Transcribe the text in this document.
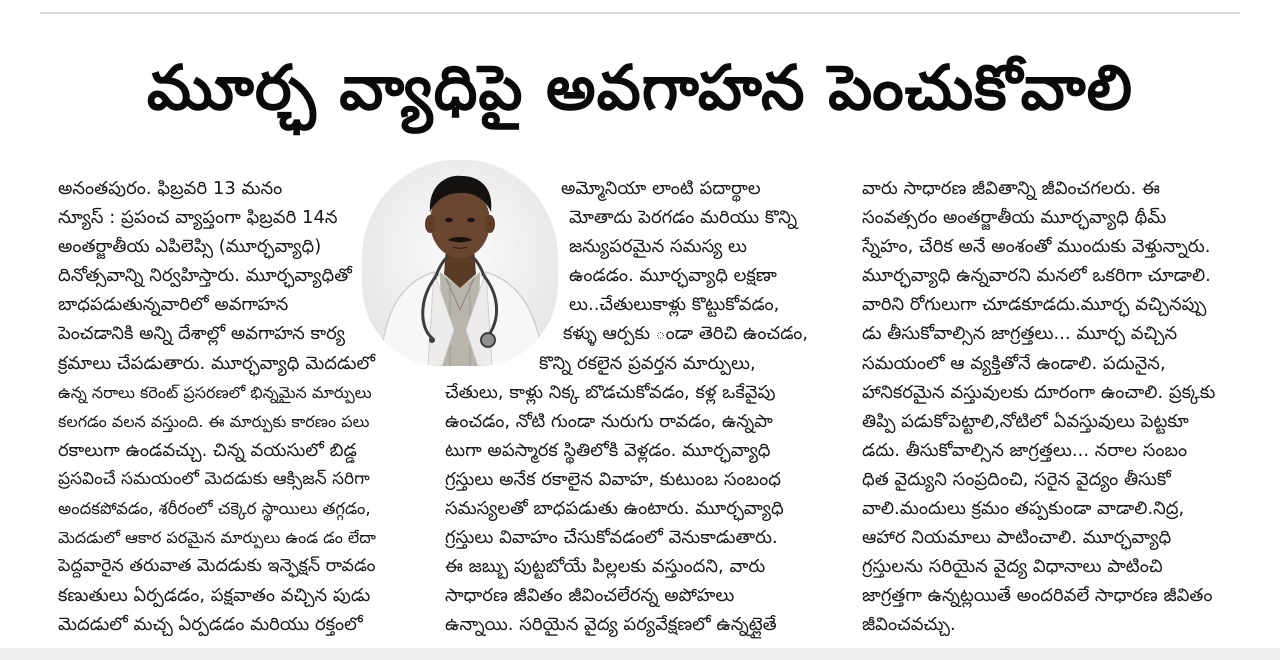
మూర్ఛ వ్యాధిపై అవగాహన పెంచుకోవాలి
అనంతపురం. ఫిబ్రవరి 13 మనం
న్యూస్ : ప్రపంచ వ్యాప్తంగా ఫిబ్రవరి 14న
అంతర్జాతీయ ఎపిలెప్సి (మూర్ఛవ్యాధి)
దినోత్సవాన్ని నిర్వహిస్తారు. మూర్ఛవ్యాధితో
బాధపడుతున్నవారిలో అవగాహన
పెంచడానికి అన్ని దేశాల్లో అవగాహన కార్య
క్రమాలు చేపడుతారు. మూర్ఛవ్యాధి మెదడులో
ఉన్న నరాలు కరెంట్ ప్రసరణలో భిన్నమైన మార్పులు
కలగడం వలన వస్తుంది. ఈ మార్పుకు కారణం పలు
రకాలుగా ఉండవచ్చు. చిన్న వయసులో బిడ్డ
ప్రసవించే సమయంలో మెదడుకు ఆక్సిజన్ సరిగా
అందకపోవడం, శరీరంలో చక్కెర స్థాయిలు తగ్గడం,
మెదడులో ఆకార పరమైన మార్పులు ఉండ డం లేదా
పెద్దవారైన తరువాత మెదడుకు ఇన్ఫెక్షన్ రావడం
కణుతులు ఏర్పడడం, పక్షవాతం వచ్చిన పుడు
మెదడులో మచ్చ ఏర్పడడం మరియు రక్తంలో
అమ్మోనియా లాంటి పదార్థాల
మోతాదు పెరగడం మరియు కొన్ని
జన్యుపరమైన సమస్య లు
ఉండడం. మూర్ఛవ్యాధి లక్షణా
లు..చేతులుకాళ్లు కొట్టుకోవడం,
కళ్ళు ఆర్పకు ండా తెరిచి ఉంచడం,
కొన్ని రకలైన ప్రవర్తన మార్పులు,
చేతులు, కాళ్లు నిక్క బొడచుకోవడం, కళ్ల ఒకేవైపు
ఉంచడం, నోటి గుండా నురుగు రావడం, ఉన్నపా
టుగా అపస్మారక స్థితిలోకి వెళ్లడం. మూర్ఛవ్యాధి
గ్రస్తులు అనేక రకాలైన వివాహ, కుటుంబ సంబంధ
సమస్యలతో బాధపడుతు ఉంటారు. మూర్ఛవ్యాధి
గ్రస్తులు వివాహం చేసుకోవడంలో వెనుకాడుతారు.
ఈ జబ్బు పుట్టబోయే పిల్లలకు వస్తుందని, వారు
సాధారణ జీవితం జీవించలేరన్న అపోహలు
ఉన్నాయి. సరియైన వైద్య పర్యవేక్షణలో ఉన్నట్లైతే
వారు సాధారణ జీవితాన్ని జీవించగలరు. ఈ
సంవత్సరం అంతర్జాతీయ మూర్ఛవ్యాధి థీమ్
స్నేహం, చేరిక అనే అంశంతో ముందుకు వెళ్తున్నారు.
మూర్ఛవ్యాధి ఉన్నవారని మనలో ఒకరిగా చూడాలి.
వారిని రోగులుగా చూడకూడదు.మూర్ఛ వచ్చినప్పు
డు తీసుకోవాల్సిన జాగ్రత్తలు... మూర్ఛ వచ్చిన
సమయంలో ఆ వ్యక్తితోనే ఉండాలి. పదునైన,
హానికరమైన వస్తువులకు దూరంగా ఉంచాలి. ప్రక్కకు
తిప్పి పడుకోపెట్టాలి,నోటిలో ఏవస్తువులు పెట్టకూ
డదు. తీసుకోవాల్సిన జాగ్రత్తలు... నరాల సంబం
ధిత వైద్యుని సంప్రదించి, సరైన వైద్యం తీసుకో
వాలి.మందులు క్రమం తప్పకుండా వాడాలి.నిద్ర,
ఆహార నియమాలు పాటించాలి. మూర్ఛవ్యాధి
గ్రస్తులను సరియైన వైద్య విధానాలు పాటించి
జాగ్రత్తగా ఉన్నట్లయితే అందరివలే సాధారణ జీవితం
జీవించవచ్చు.
